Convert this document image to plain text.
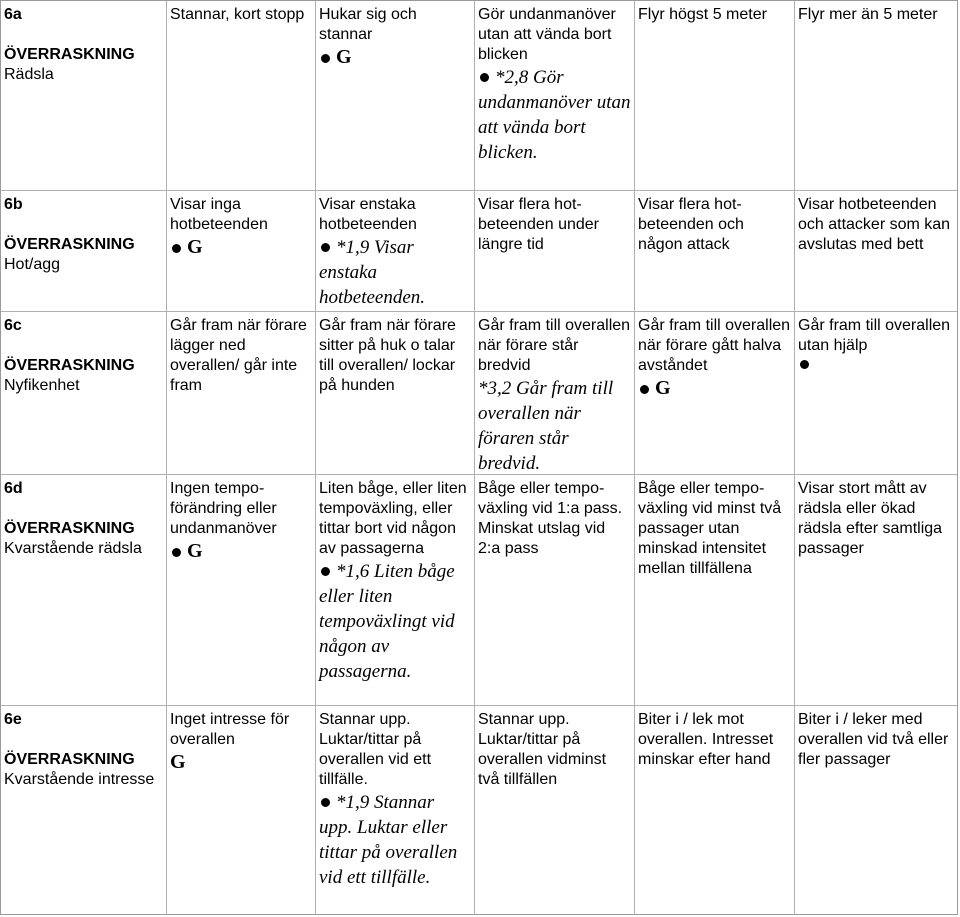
6a
ÖVERRASKNING
Rädsla
Stannar, kort stopp Hukar sig och stannar
G
Gör undanmanöver utan att vända bort blicken
*2,8 Gör undanmanöver utan att vända bort blicken.
Flyr högst 5 meter	Flyr mer än 5 meter
6b
ÖVERRASKNING
Hot/agg
Visar inga hotbeteenden
G
Visar enstaka hotbeteenden
*1,9 Visar enstaka hotbeteenden.
Visar flera hot-beteenden under längre tid
Visar flera hot-beteenden och någon attack
Visar hotbeteenden och attacker som kan avslutas med bett
6c
ÖVERRASKNING
Nyfikenhet
Går fram när förare lägger ned overallen/ går inte fram
Går fram när förare sitter på huk o talar till overallen/ lockar på hunden
Går fram till overallen när förare står bredvid
*3,2 Går fram till overallen när föraren står bredvid.
Går fram till overallen när förare gått halva avståndet
G
Går fram till overallen utan hjälp
6d
ÖVERRASKNING
Kvarstående rädsla
Ingen tempo-förändring eller undanmanöver
G
Liten båge, eller liten tempoväxling, eller tittar bort vid någon av passagerna
*1,6 Liten båge eller liten tempoväxlingt vid någon av passagerna.
Båge eller tempo-växling vid 1:a pass. Minskat utslag vid 2:a pass
Båge eller tempo-växling vid minst två passager utan minskad intensitet mellan tillfällena
Visar stort mått av rädsla eller ökad rädsla efter samtliga passager
6e
ÖVERRASKNING
Kvarstående intresse
Inget intresse för overallen
G
Stannar upp. Luktar/tittar på overallen vid ett tillfälle.
*1,9 Stannar upp. Luktar eller tittar på overallen vid ett tillfälle.
Stannar upp. Luktar/tittar på overallen vidminst två tillfällen
Biter i / lek mot overallen. Intresset minskar efter hand
Biter i / leker med overallen vid två eller fler passager
